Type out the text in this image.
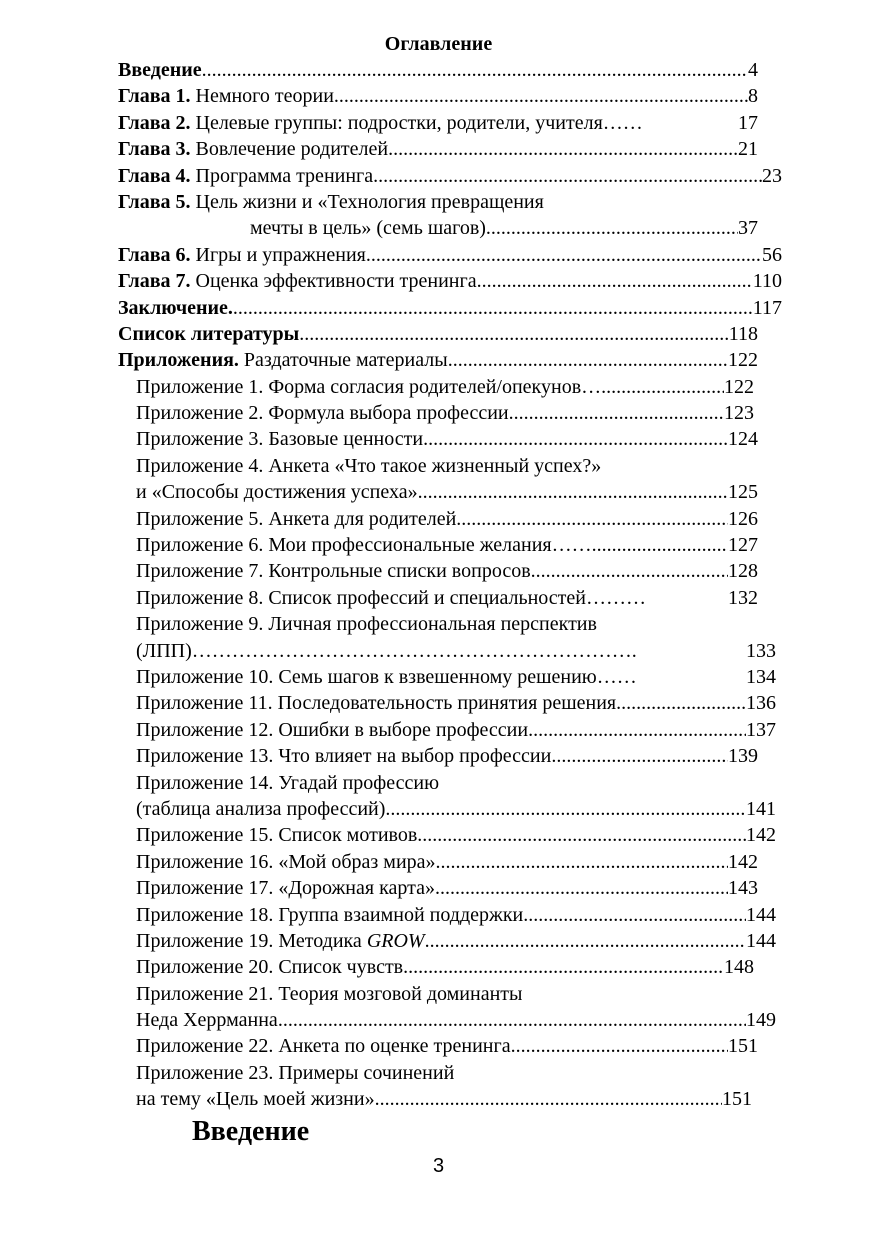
Оглавление
Введение .....	4
Глава 1. Немного теории .....	8
Глава 2. Целевые группы: подростки, родители, учителя……	17
Глава 3. Вовлечение родителей .....	21
Глава 4. Программа тренинга .....	23
Глава 5. Цель жизни и «Технология превращения
мечты в цель» (семь шагов) .....	37
Глава 6. Игры и упражнения .....	56
Глава 7. Оценка эффективности тренинга .....	110
Заключение. .....	117
Список литературы .....	118
Приложения. Раздаточные материалы .....	122
Приложение 1. Форма согласия родителей/опекунов… .....	122
Приложение 2. Формула выбора профессии .....	123
Приложение 3. Базовые ценности .....	124
Приложение 4. Анкета «Что такое жизненный успех?»
и «Способы достижения успеха» .....	125
Приложение 5. Анкета для родителей .....	126
Приложение 6. Мои профессиональные желания…… .....	127
Приложение 7. Контрольные списки вопросов .....	128
Приложение 8. Список профессий и специальностей………	132
Приложение 9. Личная профессиональная перспектив
(ЛПП)………………………………………………………….	133
Приложение 10. Семь шагов к взвешенному решению……	134
Приложение 11. Последовательность принятия решения .....	136
Приложение 12. Ошибки в выборе профессии .....	137
Приложение 13. Что влияет на выбор профессии .....	139
Приложение 14. Угадай профессию
(таблица анализа профессий) .....	141
Приложение 15. Список мотивов .....	142
Приложение 16. «Мой образ мира» .....	142
Приложение 17. «Дорожная карта» .....	143
Приложение 18. Группа взаимной поддержки .....	144
Приложение 19. Методика GROW .....	144
Приложение 20. Список чувств .....	148
Приложение 21. Теория мозговой доминанты
Неда Херрманна .....	149
Приложение 22. Анкета по оценке тренинга .....	151
Приложение 23. Примеры сочинений
на тему «Цель моей жизни» .....	151
Введение
3
